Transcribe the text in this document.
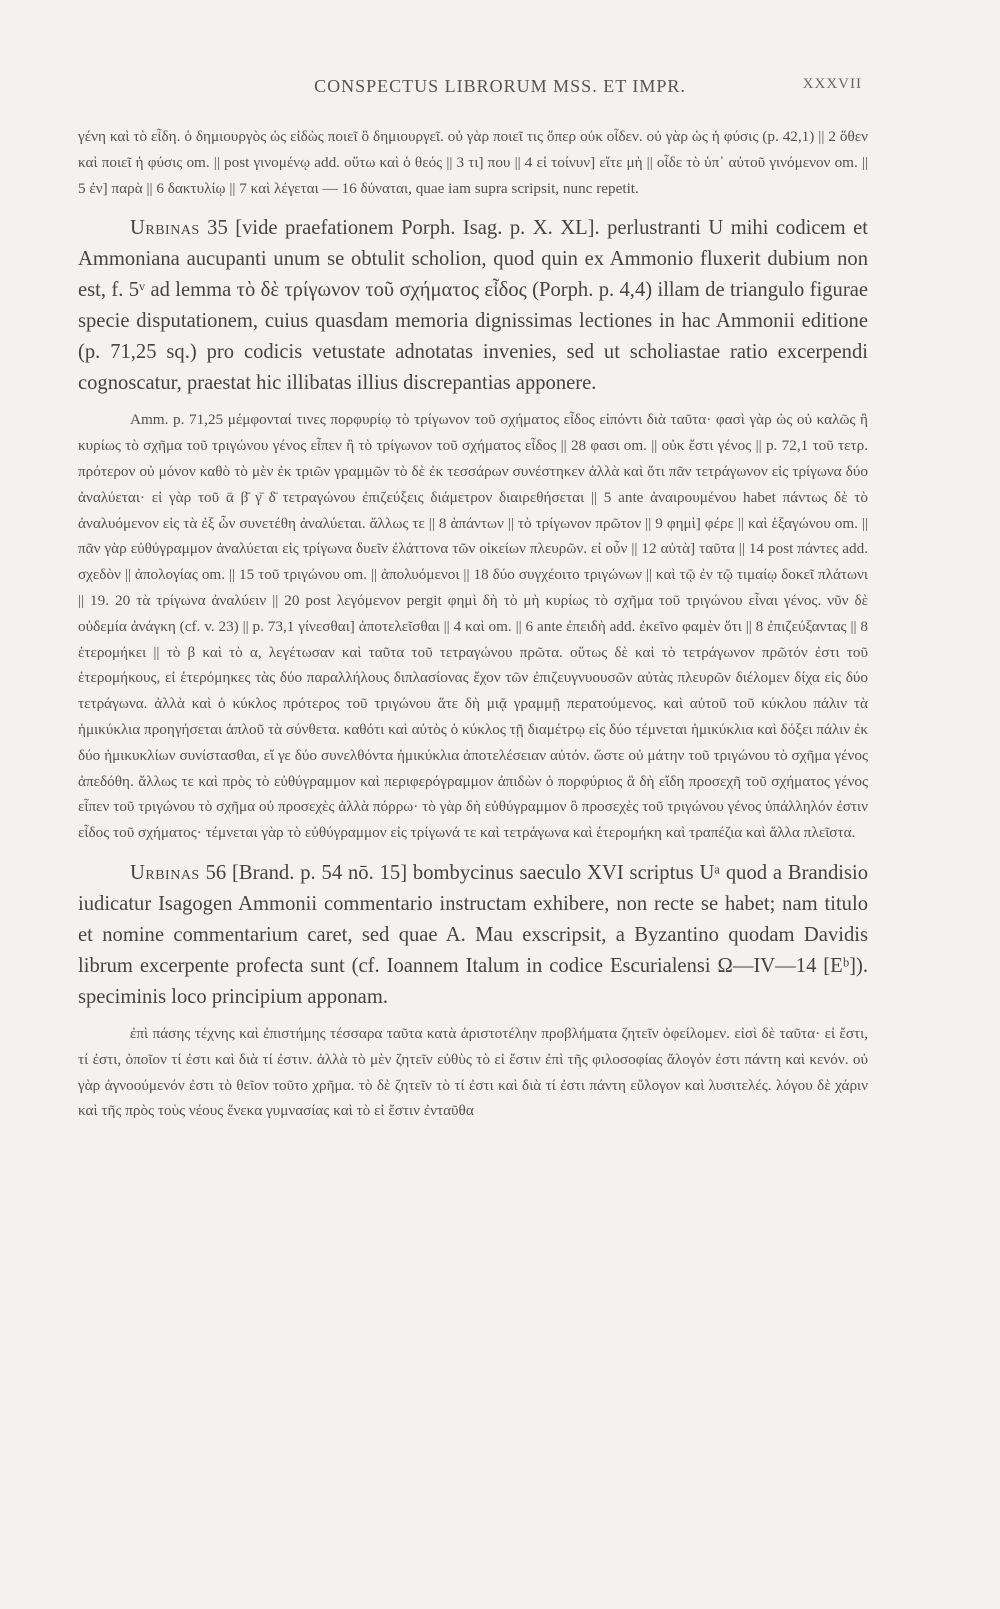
CONSPECTUS LIBRORUM MSS. ET IMPR.	XXXVII

γένη καὶ τὸ εἶδη. ὁ δημιουργὸς ὡς εἰδὼς ποιεῖ ὃ δημιουργεῖ. οὐ γὰρ ποιεῖ τις ὅπερ οὐκ οἶδεν. οὐ γὰρ ὡς ἡ φύσις (p. 42,1) || 2 ὅθεν καὶ ποιεῖ ἡ φύσις om. || post γινομένῳ add. οὕτω καὶ ὁ θεός || 3 τι] που || 4 εἰ τοίνυν] εἴτε μὴ || οἶδε τὸ ὑπ᾽ αὐτοῦ γινόμενον om. || 5 ἐν] παρὰ || 6 δακτυλίῳ || 7 καὶ λέγεται — 16 δύναται, quae iam supra scripsit, nunc repetit.

Urbinas 35 [vide praefationem Porph. Isag. p. X. XL]. perlustranti U mihi codicem et Ammoniana aucupanti unum se obtulit scholion, quod quin ex Ammonio fluxerit dubium non est, f. 5ᵛ ad lemma τὸ δὲ τρίγωνον τοῦ σχήματος εἶδος (Porph. p. 4,4) illam de triangulo figurae specie disputationem, cuius quasdam memoria dignissimas lectiones in hac Ammonii editione (p. 71,25 sq.) pro codicis vetustate adnotatas invenies, sed ut scholiastae ratio excerpendi cognoscatur, praestat hic illibatas illius discrepantias apponere.

Amm. p. 71,25 μέμφονταί τινες πορφυρίῳ τὸ τρίγωνον τοῦ σχήματος εἶδος εἰπόντι διὰ ταῦτα· φασὶ γὰρ ὡς οὐ καλῶς ἢ κυρίως τὸ σχῆμα τοῦ τριγώνου γένος εἶπεν ἢ τὸ τρίγωνον τοῦ σχήματος εἶδος || 28 φασι om. || οὐκ ἔστι γένος || p. 72,1 τοῦ τετρ. πρότερον οὐ μόνον καθὸ τὸ μὲν ἐκ τριῶν γραμμῶν τὸ δὲ ἐκ τεσσάρων συνέστηκεν ἀλλὰ καὶ ὅτι πᾶν τετράγωνον εἰς τρίγωνα δύο ἀναλύεται· εἰ γὰρ τοῦ ᾱ β̄ γ̄ δ̄ τετραγώνου ἐπιζεύξεις διάμετρον διαιρεθήσεται || 5 ante ἀναιρουμένου habet πάντως δὲ τὸ ἀναλυόμενον εἰς τὰ ἐξ ὧν συνετέθη ἀναλύεται. ἄλλως τε || 8 ἁπάντων || τὸ τρίγωνον πρῶτον || 9 φημὶ] φέρε || καὶ ἑξαγώνου om. || πᾶν γὰρ εὐθύγραμμον ἀναλύεται εἰς τρίγωνα δυεῖν ἐλάττονα τῶν οἰκείων πλευρῶν. εἰ οὖν || 12 αὐτὰ] ταῦτα || 14 post πάντες add. σχεδὸν || ἀπολογίας om. || 15 τοῦ τριγώνου om. || ἀπολυόμενοι || 18 δύο συγχέοιτο τριγώνων || καὶ τῷ ἐν τῷ τιμαίῳ δοκεῖ πλάτωνι || 19. 20 τὰ τρίγωνα ἀναλύειν || 20 post λεγόμενον pergit φημὶ δὴ τὸ μὴ κυρίως τὸ σχῆμα τοῦ τριγώνου εἶναι γένος. νῦν δὲ οὐδεμία ἀνάγκη (cf. v. 23) || p. 73,1 γίνεσθαι] ἀποτελεῖσθαι || 4 καὶ om. || 6 ante ἐπειδὴ add. ἐκεῖνο φαμὲν ὅτι || 8 ἐπιζεύξαντας || 8 ἑτερομήκει || τὸ β καὶ τὸ α, λεγέτωσαν καὶ ταῦτα τοῦ τετραγώνου πρῶτα. οὕτως δὲ καὶ τὸ τετράγωνον πρῶτόν ἐστι τοῦ ἑτερομήκους, εἰ ἑτερόμηκες τὰς δύο παραλλήλους διπλασίονας ἔχον τῶν ἐπιζευγνυουσῶν αὐτὰς πλευρῶν διέλομεν δίχα εἰς δύο τετράγωνα. ἀλλὰ καὶ ὁ κύκλος πρότερος τοῦ τριγώνου ἅτε δὴ μιᾷ γραμμῇ περατούμενος. καὶ αὐτοῦ τοῦ κύκλου πάλιν τὰ ἡμικύκλια προηγήσεται ἁπλοῦ τὰ σύνθετα. καθότι καὶ αὐτὸς ὁ κύκλος τῇ διαμέτρῳ εἰς δύο τέμνεται ἡμικύκλια καὶ δόξει πάλιν ἐκ δύο ἡμικυκλίων συνίστασθαι, εἴ γε δύο συνελθόντα ἡμικύκλια ἀποτελέσειαν αὐτόν. ὥστε οὐ μάτην τοῦ τριγώνου τὸ σχῆμα γένος ἀπεδόθη. ἄλλως τε καὶ πρὸς τὸ εὐθύγραμμον καὶ περιφερόγραμμον ἀπιδὼν ὁ πορφύριος ἃ δὴ εἴδη προσεχῆ τοῦ σχήματος γένος εἶπεν τοῦ τριγώνου τὸ σχῆμα οὐ προσεχὲς ἀλλὰ πόρρω· τὸ γὰρ δὴ εὐθύγραμμον ὃ προσεχὲς τοῦ τριγώνου γένος ὑπάλληλόν ἐστιν εἶδος τοῦ σχήματος· τέμνεται γὰρ τὸ εὐθύγραμμον εἰς τρίγωνά τε καὶ τετράγωνα καὶ ἑτερομήκη καὶ τραπέζια καὶ ἄλλα πλεῖστα.

Urbinas 56 [Brand. p. 54 nō. 15] bombycinus saeculo XVI scriptus Uᵃ quod a Brandisio iudicatur Isagogen Ammonii commentario instructam exhibere, non recte se habet; nam titulo et nomine commentarium caret, sed quae A. Mau exscripsit, a Byzantino quodam Davidis librum excerpente profecta sunt (cf. Ioannem Italum in codice Escurialensi Ω—IV—14 [Eᵇ]). speciminis loco principium apponam.

ἐπὶ πάσης τέχνης καὶ ἐπιστήμης τέσσαρα ταῦτα κατὰ ἀριστοτέλην προβλήματα ζητεῖν ὀφείλομεν. εἰσὶ δὲ ταῦτα· εἰ ἔστι, τί ἐστι, ὁποῖον τί ἐστι καὶ διὰ τί ἐστιν. ἀλλὰ τὸ μὲν ζητεῖν εὐθὺς τὸ εἰ ἔστιν ἐπὶ τῆς φιλοσοφίας ἄλογόν ἐστι πάντη καὶ κενόν. οὐ γὰρ ἀγνοούμενόν ἐστι τὸ θεῖον τοῦτο χρῆμα. τὸ δὲ ζητεῖν τὸ τί ἐστι καὶ διὰ τί ἐστι πάντη εὔλογον καὶ λυσιτελές. λόγου δὲ χάριν καὶ τῆς πρὸς τοὺς νέους ἕνεκα γυμνασίας καὶ τὸ εἰ ἔστιν ἐνταῦθα
